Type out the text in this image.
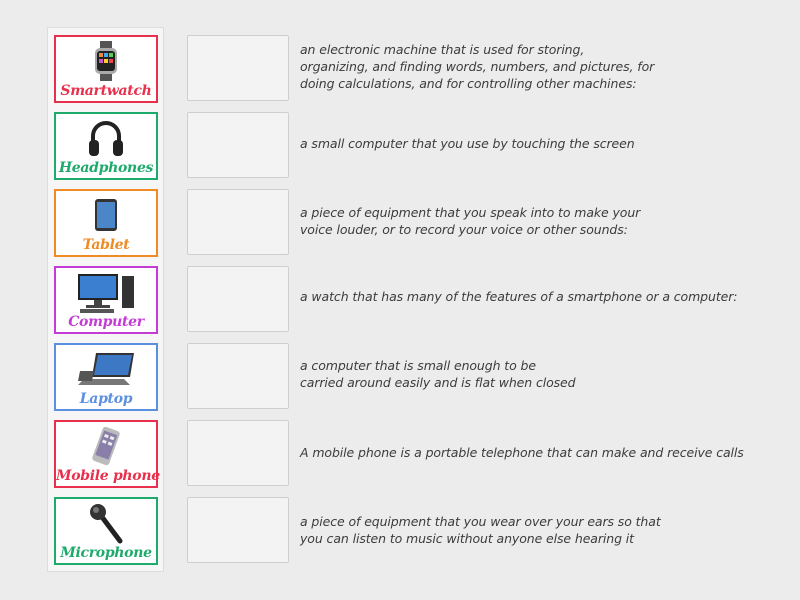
Smartwatch
Headphones
Tablet
Computer
Laptop
Mobile phone
Microphone
an electronic machine that is used for storing,
organizing, and finding words, numbers, and pictures, for
doing calculations, and for controlling other machines:
a small computer that you use by touching the screen
a piece of equipment that you speak into to make your
voice louder, or to record your voice or other sounds:
a watch that has many of the features of a smartphone or a computer:
a computer that is small enough to be
carried around easily and is flat when closed
A mobile phone is a portable telephone that can make and receive calls
a piece of equipment that you wear over your ears so that
you can listen to music without anyone else hearing it
